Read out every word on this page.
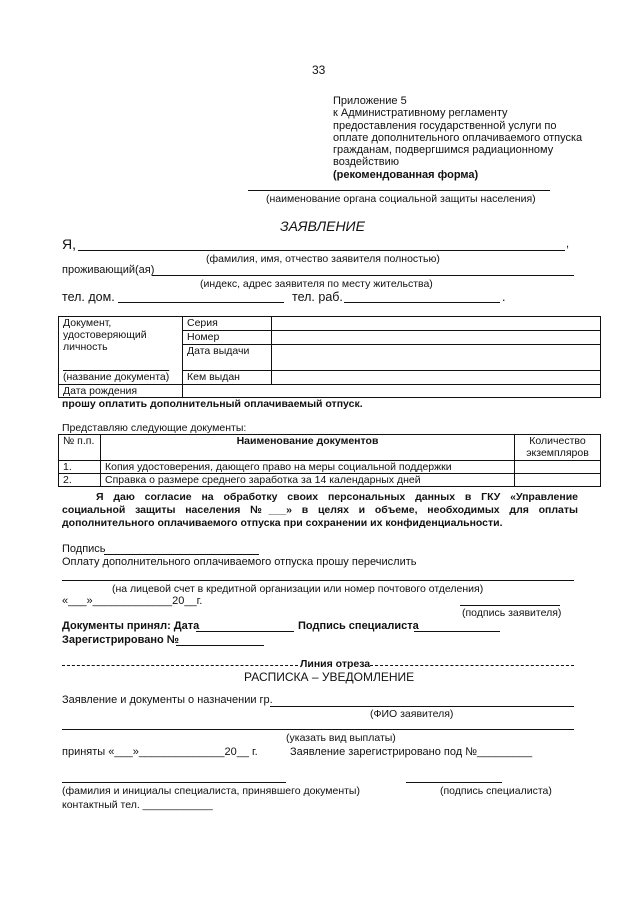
33
Приложение 5
к Административному регламенту
предоставления государственной услуги по
оплате дополнительного оплачиваемого отпуска
гражданам, подвергшимся радиационному
воздействию
(рекомендованная форма)
(наименование органа социальной защиты населения)
ЗАЯВЛЕНИЕ
Я,	,
(фамилия, имя, отчество заявителя полностью)
проживающий(ая)
(индекс, адрес заявителя по месту жительства)
тел. дом.	тел. раб.	.
Документ,
удостоверяющий
личность	Серия	
	Номер	
	Дата выдачи	
(название документа)	Кем выдан	
Дата рождения		
прошу оплатить дополнительный оплачиваемый отпуск.
Представляю следующие документы:
№ п.п.	Наименование документов	Количество экземпляров
1.	Копия удостоверения, дающего право на меры социальной поддержки	
2.	Справка о размере среднего заработка за 14 календарных дней	
Я даю согласие на обработку своих персональных данных в ГКУ «Управление
социальной защиты населения №___» в целях и объеме, необходимых для оплаты
дополнительного оплачиваемого отпуска при сохранении их конфиденциальности.
Подпись
Оплату дополнительного оплачиваемого отпуска прошу перечислить
(на лицевой счет в кредитной организации или номер почтового отделения)
«___»_____________20__г.
(подпись заявителя)
Документы принял: Дата	Подпись специалиста
Зарегистрировано №
Линия отреза
РАСПИСКА – УВЕДОМЛЕНИЕ
Заявление и документы о назначении гр.
(ФИО заявителя)
(указать вид выплаты)
приняты «___»______________20__ г.	Заявление зарегистрировано под №_________
(фамилия и инициалы специалиста, принявшего документы)	(подпись специалиста)
контактный тел. ____________
